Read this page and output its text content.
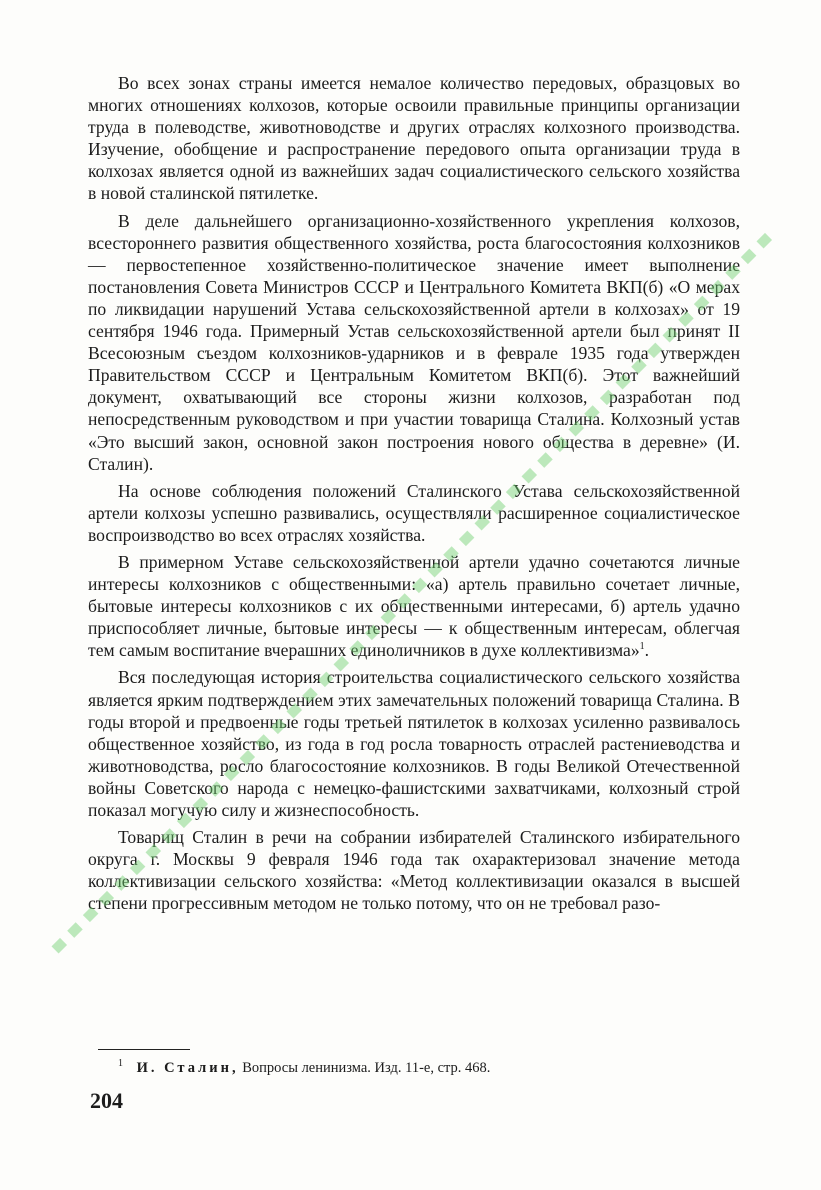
Во всех зонах страны имеется немалое количество передовых, образцовых во многих отношениях колхозов, которые освоили правильные принципы организации труда в полеводстве, животноводстве и других отраслях колхозного производства. Изучение, обобщение и распространение передового опыта организации труда в колхозах является одной из важнейших задач социалистического сельского хозяйства в новой сталинской пятилетке.

В деле дальнейшего организационно-хозяйственного укрепления колхозов, всестороннего развития общественного хозяйства, роста благосостояния колхозников — первостепенное хозяйственно-политическое значение имеет выполнение постановления Совета Министров СССР и Центрального Комитета ВКП(б) «О мерах по ликвидации нарушений Устава сельскохозяйственной артели в колхозах» от 19 сентября 1946 года. Примерный Устав сельскохозяйственной артели был принят II Всесоюзным съездом колхозников-ударников и в феврале 1935 года утвержден Правительством СССР и Центральным Комитетом ВКП(б). Этот важнейший документ, охватывающий все стороны жизни колхозов, разработан под непосредственным руководством и при участии товарища Сталина. Колхозный устав «Это высший закон, основной закон построения нового общества в деревне» (И. Сталин).

На основе соблюдения положений Сталинского Устава сельскохозяйственной артели колхозы успешно развивались, осуществляли расширенное социалистическое воспроизводство во всех отраслях хозяйства.

В примерном Уставе сельскохозяйственной артели удачно сочетаются личные интересы колхозников с общественными: «а) артель правильно сочетает личные, бытовые интересы колхозников с их общественными интересами, б) артель удачно приспособляет личные, бытовые интересы — к общественным интересам, облегчая тем самым воспитание вчерашних единоличников в духе коллективизма»$^1$.

Вся последующая история строительства социалистического сельского хозяйства является ярким подтверждением этих замечательных положений товарища Сталина. В годы второй и предвоенные годы третьей пятилеток в колхозах усиленно развивалось общественное хозяйство, из года в год росла товарность отраслей растениеводства и животноводства, росло благосостояние колхозников. В годы Великой Отечественной войны Советского народа с немецко-фашистскими захватчиками, колхозный строй показал могучую силу и жизнеспособность.

Товарищ Сталин в речи на собрании избирателей Сталинского избирательного округа г. Москвы 9 февраля 1946 года так охарактеризовал значение метода коллективизации сельского хозяйства: «Метод коллективизации оказался в высшей степени прогрессивным методом не только потому, что он не требовал разо-

$^1$ И. Сталин, Вопросы ленинизма. Изд. 11-е, стр. 468.
204
